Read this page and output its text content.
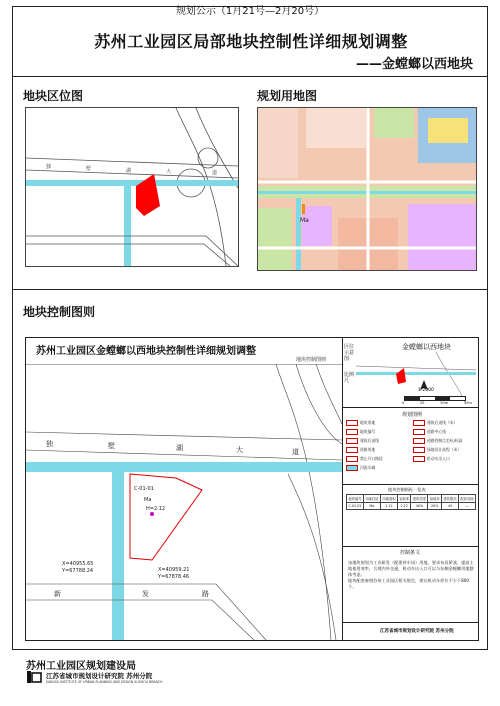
规划公示（1月21号—2月20号）
苏州工业园区局部地块控制性详细规划调整
——金螳螂以西地块
地块区位图	规划用地图
地块控制图则
独	墅	湖	大	道
Ma
苏州工业园区金螳螂以西地块控制性详细规划调整
地块控制图则
独	墅	湖	大	道
新	发	路
C-01-01
Ma
H=2.12
X=40955.65
Y=67788.24	X=40959.21
Y=67878.46
区位示意图
比例尺
金螳螂以西地块
1:2000
0	25	50m	75m
规划图例
地块用地	建筑后退线（米）
地块编号	道路中心线
建筑后退线	道路控制点坐标/标高
道路用地	绿地设计高程（米）
禁止开口路段	机动车出入口
河流水域
地块控制指标一览表
地块编号	用地性质	用地面积	容积率	建筑密度	绿地率	建筑限高	配套设施
C-01-01	Ma	1.12	2.12	40%	20%	45	—
控制条文
该地块规划为工业研发（配建停车场）用地，要求布局紧凑，提高土地使用效率，合理内外交通，机动车出入口可以与东侧金螳螂用地整体考虑。
地块配套参照苏州工业园区相关规定，建议机动车停位不少于800个。
江苏省城市规划设计研究院 苏州分院
苏州工业园区规划建设局
江苏省城市规划设计研究院 苏州分院
JIANGSU INSTITUTE OF URBAN PLANNING AND DESIGN SUZHOU BRANCH
